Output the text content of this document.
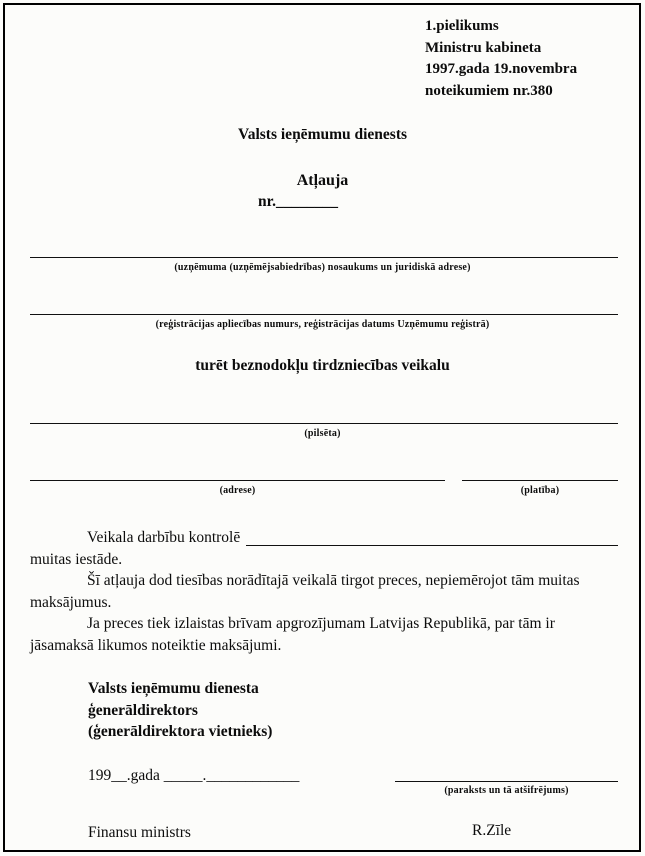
1.pielikums
Ministru kabineta
1997.gada 19.novembra
noteikumiem nr.380
Valsts ieņēmumu dienests
Atļauja
nr.________
(uzņēmuma (uzņēmējsabiedrības) nosaukums un juridiskā adrese)
(reģistrācijas apliecības numurs, reģistrācijas datums Uzņēmumu reģistrā)
turēt beznodokļu tirdzniecības veikalu
(pilsēta)
(adrese)	(platība)
Veikala darbību kontrolē
muitas iestāde.

Šī atļauja dod tiesības norādītajā veikalā tirgot preces, nepiemērojot tām muitas maksājumus.

Ja preces tiek izlaistas brīvam apgrozījumam Latvijas Republikā, par tām ir jāsamaksā likumos noteiktie maksājumi.

Valsts ieņēmumu dienesta
ģenerāldirektors
(ģenerāldirektora vietnieks)
199__.gada _____.____________
(paraksts un tā atšifrējums)
Finansu ministrs	R.Zīle
